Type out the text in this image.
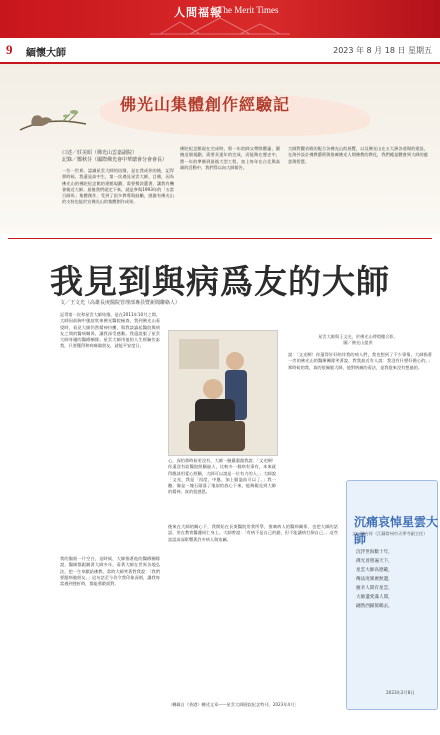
人間福報
The Merit Times
9 緬懷大師	2023 年 8 月 18 日 星期五
佛光山集體創作經驗記
口述／莊美昭（佛光山雲嘉副院）
記錄／鄭秋芬（國際佛光會中華總會分會會長）
一位一世界。認識星雲大師的因緣，是在我成你的後，記得那時候，我還是高中生，第一次遇見星雲大師，目睹，因為佛光山的佛陀紀念館的建館規劃，需要撥款選書，讓我有機會親近大師。最後我們就定下來，就是參與1993年的「五當百師馬」集體創作，受到了很多教導與鼓勵，感激有佛光山的支持也能於宣佛光山的集體創作成果。
佛陀紀念館現在完成時，那一年的師父帶隊覆審，圍繞這個規劃，需要長達年的完成，而能夠在歷史中，將一年的準備到最後大型工程，加上每年在台北與高雄的活動中，我們得以向大師報告。
大師對觀音殿的配合各佛光山的展覽，以及佛光山在五大洲各道場的建設，在海外設計佛教藝術與推廣佛光人間佛教的教化，我們總是體會到大師的慈悲與智慧。
我見到與病爲友的大師
文／王文光（高雄長庚醫院管理部專員暨新聞聯絡人）
記得第一次和星雲大師結緣，是在2011年10月之間，大師因前胸中風症狀來佛光醫院檢查，我到佛光山看望時，看見大師仍然精神抖擻，與我談論起醫院與病友之間的醫病關係，讓我深受感動。我還說服了星雲大師身邊的醫療團隊。星雲大師用他的人生經驗告訴我，只要懂得和病痛做朋友，就能平安度日。
我的腦筋一片空白，這時候，大師指著他的醫療團隊說，醫師都跟隨著大師多年，看著大師在世界各地弘法，把一生奉獻給佛教。當時大師笑著對我說：「我們要跟病做朋友。」這句話至今仍令我印象深刻，讓我每當遇到挫折時，都能勇敢面對。
心，深怕那時候更沒有，大師一臉嚴肅跟我說：「文光啊！你還沒有給醫院照顧過人，比較多一個病有事有，本來就得應該用愛心照顧，大師可以說是一位有力的人。」大師說「文光，我是「再度，中風、加上腦溢血可以了。」我一聽，像是一塊石頭落了地似的放心下來，能夠親見到大師的精神，真的很感恩。
星雲大師與王文光，於佛光山傳燈樓合影。
圖／佛光山提供
說：「文光啊！你還得好好陪伴我的病人們，我也想到了不少事情，大師指著一旁的佛光山的醫療團隊笑著說，對我最近有人說：我沒有什麼好擔心的。」那時候的我，真的很佩服大師，他對病痛的看法，是我從來沒有想過的。
後來在大師的關心下，我開始在長庚醫院用我所學，推廣病人的醫病關係，也把大師的話語，用在教育醫護同仁身上。大師曾說：「有病不是自己的錯，但不能讓病打倒自己。」這些話語深深影響著許多病人與家屬。
〔轉載自《香港》轉述文章——星雲大師圓寂紀念特刊，2023年4月〕
沉痛哀悼星雲大師
文／陳吉祥（江蘇常州市天寧寺副主任）
沉浮世海數十年，
佛光普照遍天下，
星雲大師高德範，
傳法度眾廣無邊，
慶幸人間有星雲，
大師遺愛滿人間，
翩然西歸駕鶴去，
2023年2月8日
